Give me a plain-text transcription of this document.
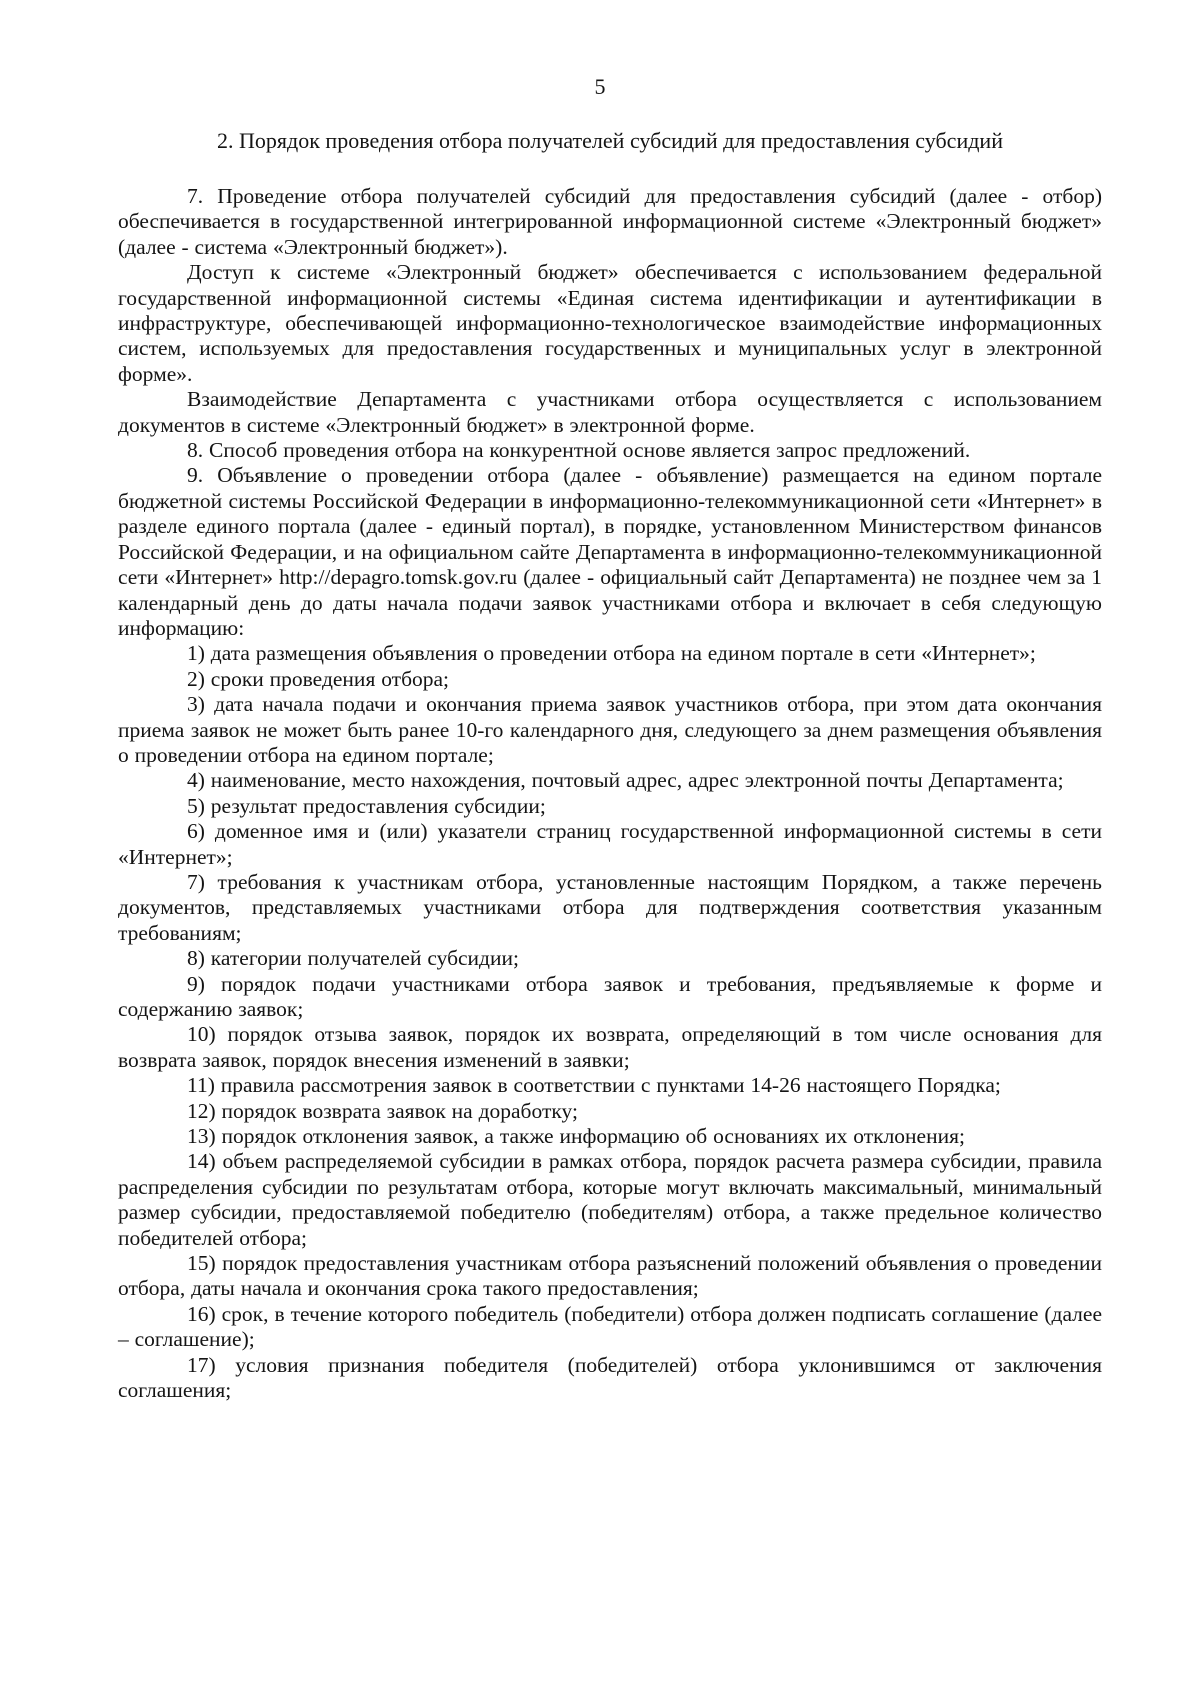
5
2. Порядок проведения отбора получателей субсидий для предоставления субсидий

7. Проведение отбора получателей субсидий для предоставления субсидий (далее - отбор) обеспечивается в государственной интегрированной информационной системе «Электронный бюджет» (далее - система «Электронный бюджет»).

Доступ к системе «Электронный бюджет» обеспечивается с использованием федеральной государственной информационной системы «Единая система идентификации и аутентификации в инфраструктуре, обеспечивающей информационно-технологическое взаимодействие информационных систем, используемых для предоставления государственных и муниципальных услуг в электронной форме».

Взаимодействие Департамента с участниками отбора осуществляется с использованием документов в системе «Электронный бюджет» в электронной форме.

8. Способ проведения отбора на конкурентной основе является запрос предложений.

9. Объявление о проведении отбора (далее - объявление) размещается на едином портале бюджетной системы Российской Федерации в информационно-телекоммуникационной сети «Интернет» в разделе единого портала (далее - единый портал), в порядке, установленном Министерством финансов Российской Федерации, и на официальном сайте Департамента в информационно-телекоммуникационной сети «Интернет» http://depagro.tomsk.gov.ru (далее - официальный сайт Департамента) не позднее чем за 1 календарный день до даты начала подачи заявок участниками отбора и включает в себя следующую информацию:

1) дата размещения объявления о проведении отбора на едином портале в сети «Интернет»;

2) сроки проведения отбора;

3) дата начала подачи и окончания приема заявок участников отбора, при этом дата окончания приема заявок не может быть ранее 10-го календарного дня, следующего за днем размещения объявления о проведении отбора на едином портале;

4) наименование, место нахождения, почтовый адрес, адрес электронной почты Департамента;

5) результат предоставления субсидии;

6) доменное имя и (или) указатели страниц государственной информационной системы в сети «Интернет»;

7) требования к участникам отбора, установленные настоящим Порядком, а также перечень документов, представляемых участниками отбора для подтверждения соответствия указанным требованиям;

8) категории получателей субсидии;

9) порядок подачи участниками отбора заявок и требования, предъявляемые к форме и содержанию заявок;

10) порядок отзыва заявок, порядок их возврата, определяющий в том числе основания для возврата заявок, порядок внесения изменений в заявки;

11) правила рассмотрения заявок в соответствии с пунктами 14-26 настоящего Порядка;

12) порядок возврата заявок на доработку;

13) порядок отклонения заявок, а также информацию об основаниях их отклонения;

14) объем распределяемой субсидии в рамках отбора, порядок расчета размера субсидии, правила распределения субсидии по результатам отбора, которые могут включать максимальный, минимальный размер субсидии, предоставляемой победителю (победителям) отбора, а также предельное количество победителей отбора;

15) порядок предоставления участникам отбора разъяснений положений объявления о проведении отбора, даты начала и окончания срока такого предоставления;

16) срок, в течение которого победитель (победители) отбора должен подписать соглашение (далее – соглашение);

17) условия признания победителя (победителей) отбора уклонившимся от заключения соглашения;
